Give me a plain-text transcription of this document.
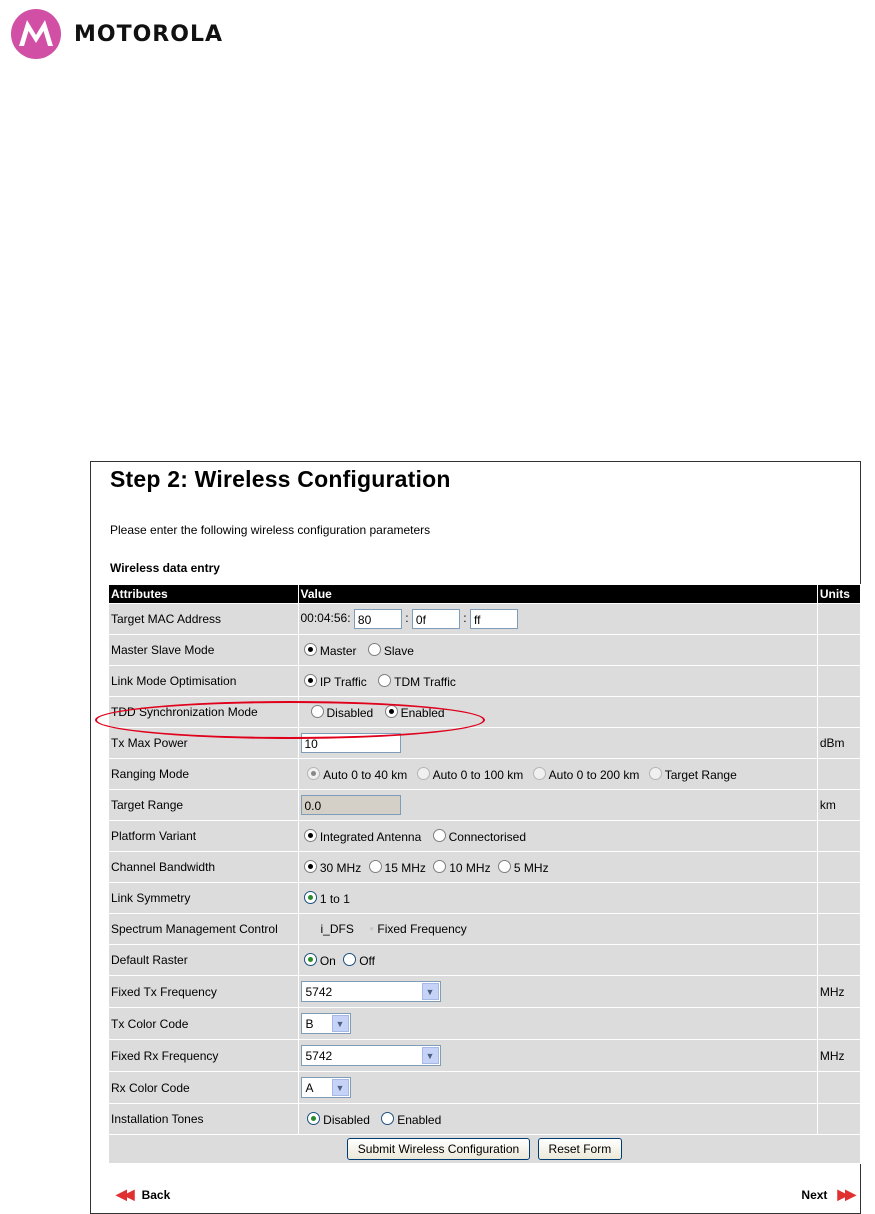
MOTOROLA
Step 2: Wireless Configuration
Please enter the following wireless configuration parameters
Wireless data entry
Attributes	Value	Units
Target MAC Address	00:04:56: 80 : 0f : ff	
Master Slave Mode	Master Slave	
Link Mode Optimisation	IP Traffic TDM Traffic	
TDD Synchronization Mode	Disabled Enabled	
Tx Max Power	10	dBm
Ranging Mode	Auto 0 to 40 km Auto 0 to 100 km Auto 0 to 200 km Target Range	
Target Range	0.0	km
Platform Variant	Integrated Antenna Connectorised	
Channel Bandwidth	30 MHz 15 MHz 10 MHz 5 MHz	
Link Symmetry	1 to 1	
Spectrum Management Control	i_DFS ● Fixed Frequency	
Default Raster	On Off	
Fixed Tx Frequency	5742 ▼	MHz
Tx Color Code	B ▼	

Fixed Rx Frequency	5742 ▼	MHz
Rx Color Code	A ▼	

Installation Tones	Disabled Enabled	
Submit Wireless Configuration Reset Form		
◀◀
Back	Next
▶▶
